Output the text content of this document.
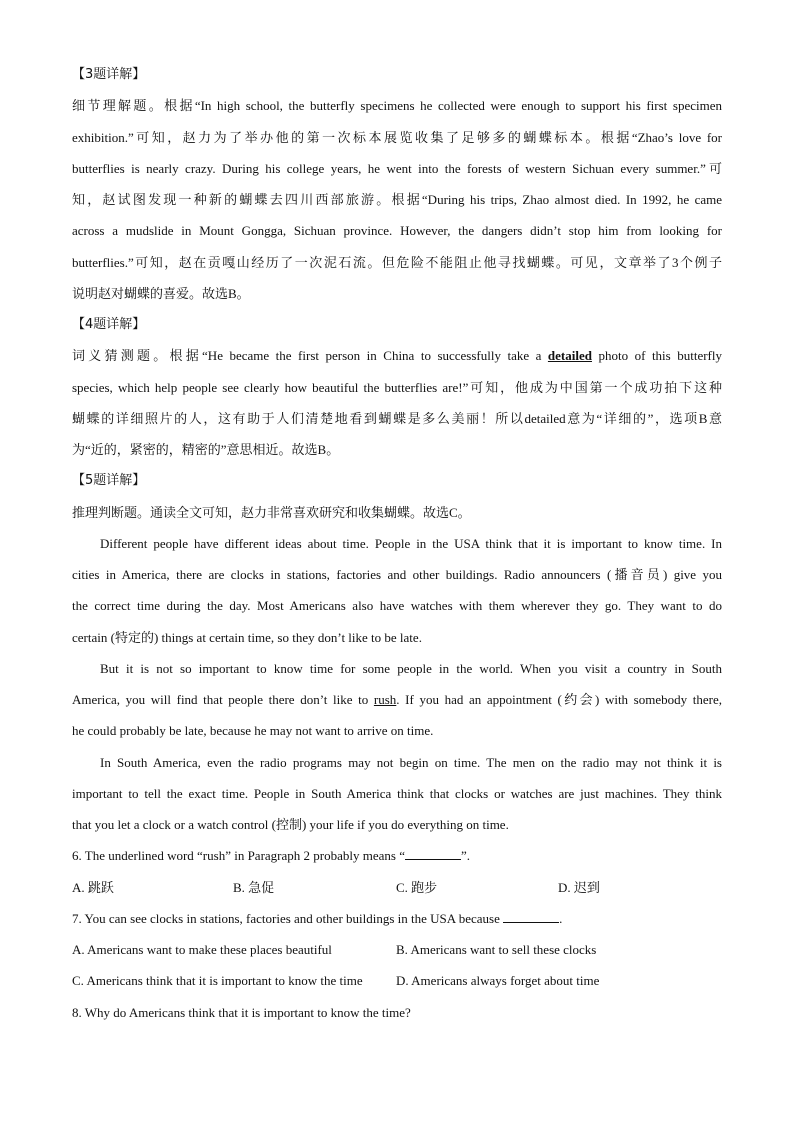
【3题详解】
细节理解题。根据“In high school, the butterfly specimens he collected were enough to support his first specimen
exhibition.”可知，赵力为了举办他的第一次标本展览收集了足够多的蝴蝶标本。根据“Zhao’s love for
butterflies is nearly crazy. During his college years, he went into the forests of western Sichuan every summer.”可
知，赵试图发现一种新的蝴蝶去四川西部旅游。根据“During his trips, Zhao almost died. In 1992, he came
across a mudslide in Mount Gongga, Sichuan province. However, the dangers didn’t stop him from looking for
butterflies.”可知，赵在贡嘎山经历了一次泥石流。但危险不能阻止他寻找蝴蝶。可见，文章举了3个例子
说明赵对蝴蝶的喜爱。故选B。
【4题详解】
词义猜测题。根据“He became the first person in China to successfully take a detailed photo of this butterfly
species, which help people see clearly how beautiful the butterflies are!”可知，他成为中国第一个成功拍下这种
蝴蝶的详细照片的人，这有助于人们清楚地看到蝴蝶是多么美丽！所以detailed意为“详细的”，选项B意
为“近的，紧密的，精密的”意思相近。故选B。
【5题详解】
推理判断题。通读全文可知，赵力非常喜欢研究和收集蝴蝶。故选C。
Different people have different ideas about time. People in the USA think that it is important to know time. In
cities in America, there are clocks in stations, factories and other buildings. Radio announcers (播音员) give you
the correct time during the day. Most Americans also have watches with them wherever they go. They want to do
certain (特定的) things at certain time, so they don’t like to be late.
But it is not so important to know time for some people in the world. When you visit a country in South
America, you will find that people there don’t like to rush. If you had an appointment (约会) with somebody there,
he could probably be late, because he may not want to arrive on time.
In South America, even the radio programs may not begin on time. The men on the radio may not think it is
important to tell the exact time. People in South America think that clocks or watches are just machines. They think
that you let a clock or a watch control (控制) your life if you do everything on time.
6. The underlined word “rush” in Paragraph 2 probably means “	”.
A. 跳跃	B. 急促	C. 跑步	D. 迟到
7. You can see clocks in stations, factories and other buildings in the USA because	.
A. Americans want to make these places beautiful	B. Americans want to sell these clocks
C. Americans think that it is important to know the time	D. Americans always forget about time
8. Why do Americans think that it is important to know the time?
